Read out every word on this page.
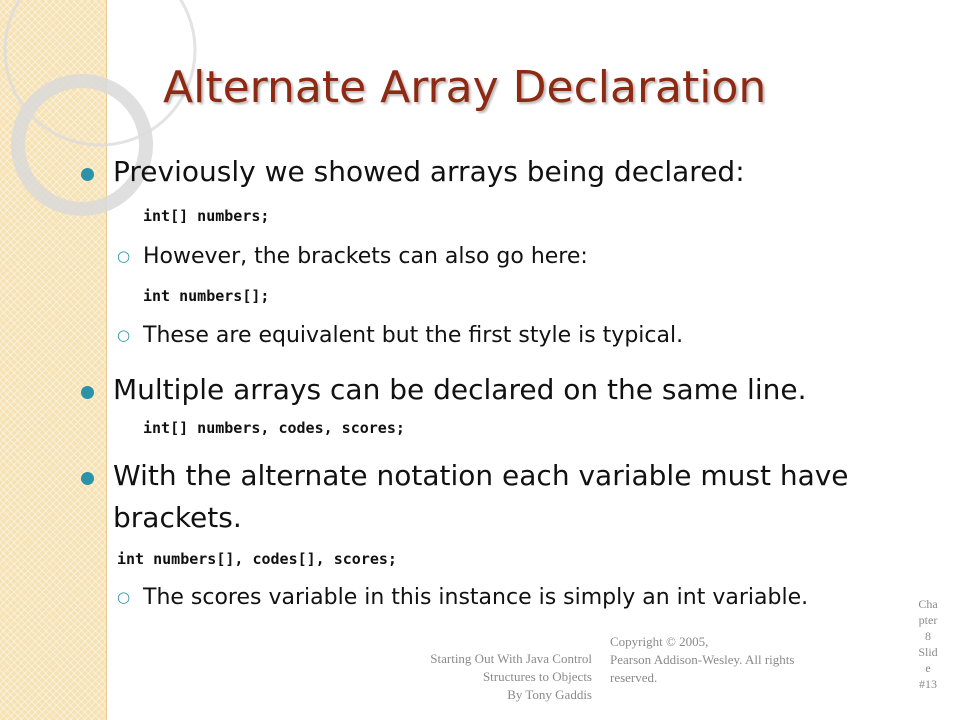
Alternate Array Declaration
Previously we showed arrays being declared:
int[] numbers;
○ However, the brackets can also go here:
int numbers[];
○ These are equivalent but the first style is typical.
Multiple arrays can be declared on the same line.
int[] numbers, codes, scores;
With the alternate notation each variable must have
brackets.
int numbers[], codes[], scores;
○ The scores variable in this instance is simply an int variable.
Starting Out With Java Control
Structures to Objects
By Tony Gaddis
Copyright © 2005,
Pearson Addison-Wesley. All rights
reserved.
Cha
pter
8
Slid
e
#13
